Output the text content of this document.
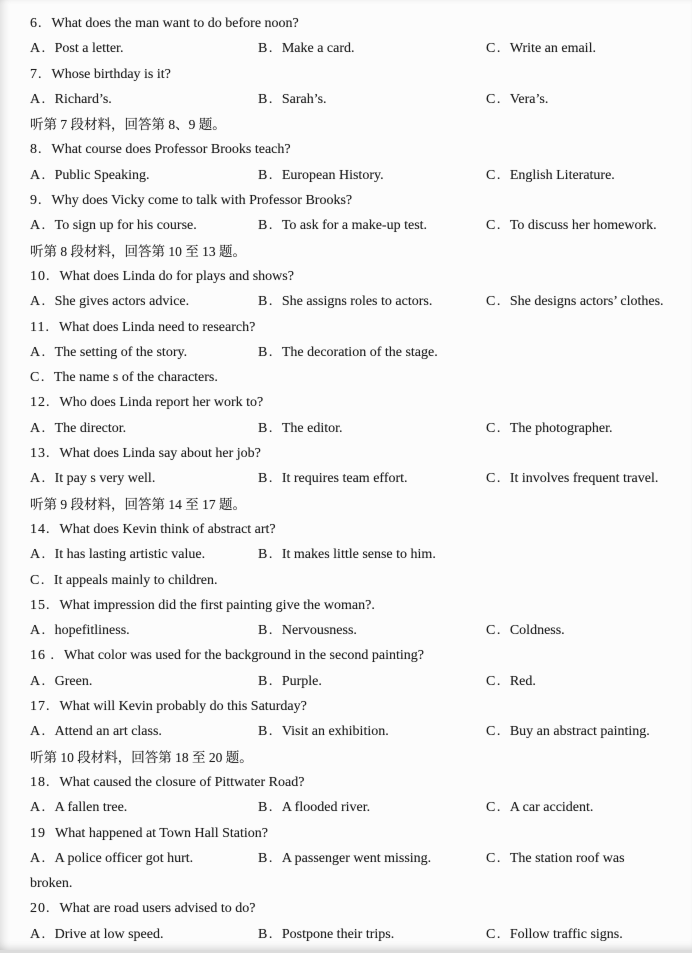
6. What does the man want to do before noon?
A. Post a letter.	B. Make a card.	C. Write an email.
7. Whose birthday is it?
A. Richard’s.	B. Sarah’s.	C. Vera’s.
听第 7 段材料，回答第 8、9 题。
8. What course does Professor Brooks teach?
A. Public Speaking.	B. European History.	C. English Literature.
9. Why does Vicky come to talk with Professor Brooks?
A. To sign up for his course.	B. To ask for a make-up test.	C. To discuss her homework.
听第 8 段材料，回答第 10 至 13 题。
10. What does Linda do for plays and shows?
A. She gives actors advice.	B. She assigns roles to actors.	C. She designs actors’ clothes.
11. What does Linda need to research?
A. The setting of the story.	B. The decoration of the stage.
C. The name s of the characters.
12. Who does Linda report her work to?
A. The director.	B. The editor.	C. The photographer.
13. What does Linda say about her job?
A. It pay s very well.	B. It requires team effort.	C. It involves frequent travel.
听第 9 段材料，回答第 14 至 17 题。
14. What does Kevin think of abstract art?
A. It has lasting artistic value.	B. It makes little sense to him.
C. It appeals mainly to children.
15. What impression did the first painting give the woman?.
A. hopefitliness.	B. Nervousness.	C. Coldness.
16 . What color was used for the background in the second painting?
A. Green.	B. Purple.	C. Red.
17. What will Kevin probably do this Saturday?
A. Attend an art class.	B. Visit an exhibition.	C. Buy an abstract painting.
听第 10 段材料，回答第 18 至 20 题。
18. What caused the closure of Pittwater Road?
A. A fallen tree.	B. A flooded river.	C. A car accident.
19 What happened at Town Hall Station?
A. A police officer got hurt.	B. A passenger went missing.	C. The station roof was
broken.
20. What are road users advised to do?
A. Drive at low speed.	B. Postpone their trips.	C. Follow traffic signs.
